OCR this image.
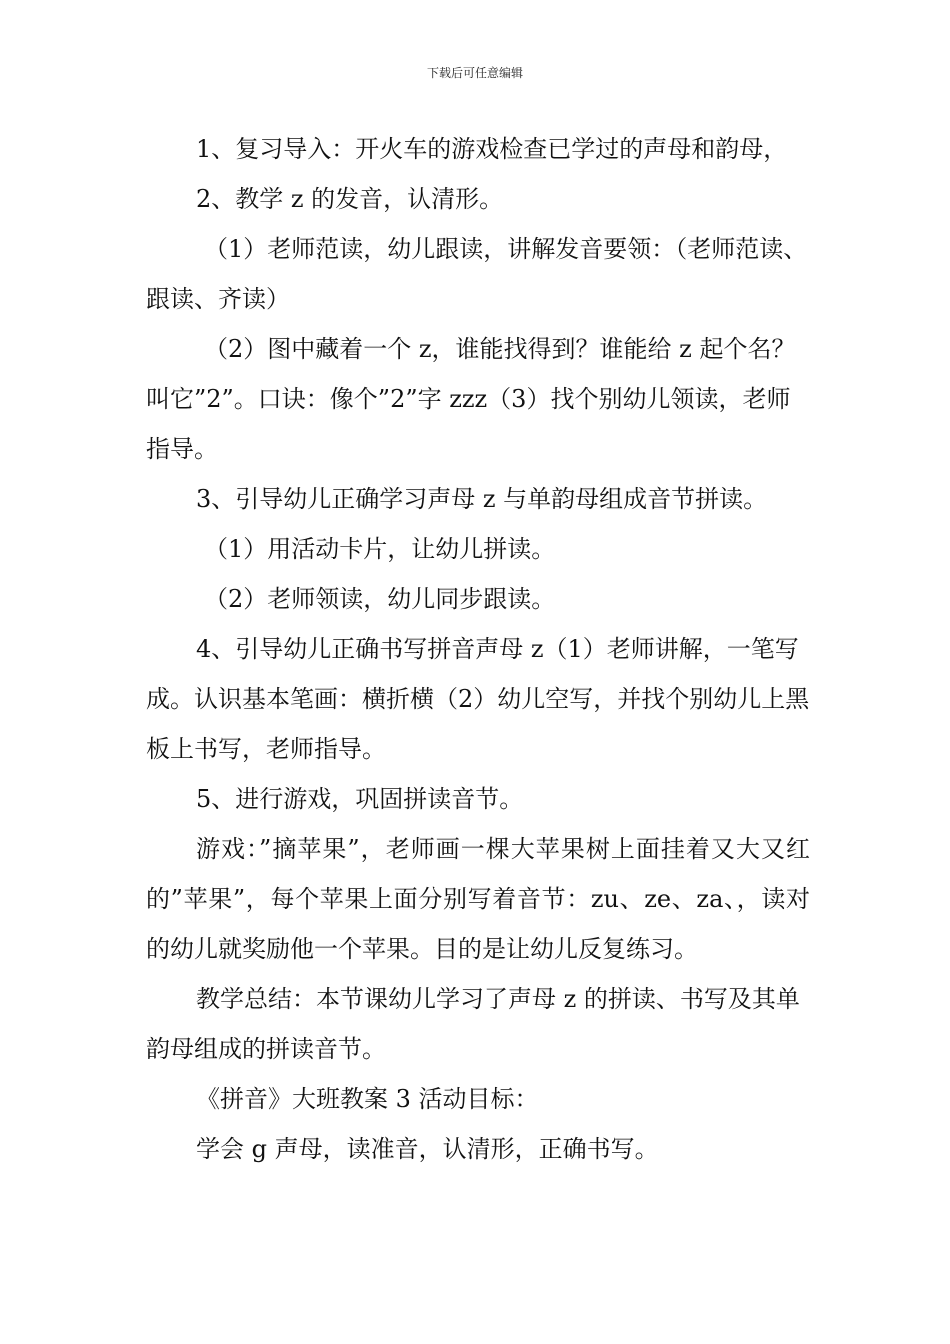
下载后可任意编辑

1、复习导入：开火车的游戏检查已学过的声母和韵母，

2、教学 z 的发音，认清形。

（1）老师范读，幼儿跟读，讲解发音要领：（老师范读、跟读、齐读）

（2）图中藏着一个 z，谁能找得到？谁能给 z 起个名？叫它”2”。口诀：像个”2”字 zzz（3）找个别幼儿领读，老师指导。

3、引导幼儿正确学习声母 z 与单韵母组成音节拼读。

（1）用活动卡片，让幼儿拼读。

（2）老师领读，幼儿同步跟读。

4、引导幼儿正确书写拼音声母 z（1）老师讲解，一笔写成。认识基本笔画：横折横（2）幼儿空写，并找个别幼儿上黑板上书写，老师指导。

5、进行游戏，巩固拼读音节。

游戏：”摘苹果”，老师画一棵大苹果树上面挂着又大又红的”苹果”，每个苹果上面分别写着音节：zu、ze、za、，读对的幼儿就奖励他一个苹果。目的是让幼儿反复练习。

教学总结：本节课幼儿学习了声母 z 的拼读、书写及其单韵母组成的拼读音节。

《拼音》大班教案 3 活动目标：

学会 g 声母，读准音，认清形，正确书写。
